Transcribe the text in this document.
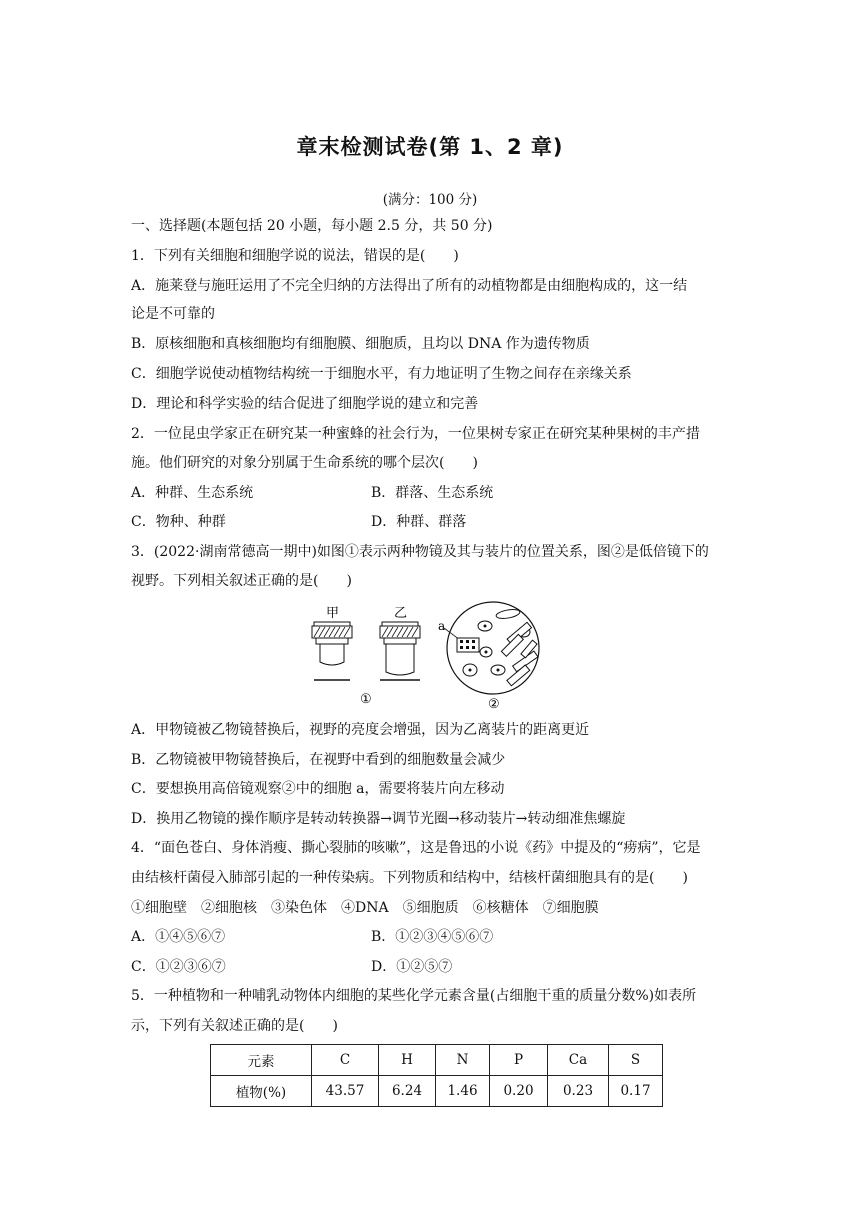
章末检测试卷(第 1、2 章)
(满分：100 分)
一、选择题(本题包括 20 小题，每小题 2.5 分，共 50 分)
1．下列有关细胞和细胞学说的说法，错误的是(　　)
A．施莱登与施旺运用了不完全归纳的方法得出了所有的动植物都是由细胞构成的，这一结
论是不可靠的
B．原核细胞和真核细胞均有细胞膜、细胞质，且均以 DNA 作为遗传物质
C．细胞学说使动植物结构统一于细胞水平，有力地证明了生物之间存在亲缘关系
D．理论和科学实验的结合促进了细胞学说的建立和完善
2．一位昆虫学家正在研究某一种蜜蜂的社会行为，一位果树专家正在研究某种果树的丰产措
施。他们研究的对象分别属于生命系统的哪个层次(　　)
A．种群、生态系统	B．群落、生态系统
C．物种、种群	D．种群、群落
3．(2022·湖南常德高一期中)如图①表示两种物镜及其与装片的位置关系，图②是低倍镜下的
视野。下列相关叙述正确的是(　　)
甲	乙
①
a
②
A．甲物镜被乙物镜替换后，视野的亮度会增强，因为乙离装片的距离更近
B．乙物镜被甲物镜替换后，在视野中看到的细胞数量会减少
C．要想换用高倍镜观察②中的细胞 a，需要将装片向左移动
D．换用乙物镜的操作顺序是转动转换器→调节光圈→移动装片→转动细准焦螺旋
4．“面色苍白、身体消瘦、撕心裂肺的咳嗽”，这是鲁迅的小说《药》中提及的“痨病”，它是
由结核杆菌侵入肺部引起的一种传染病。下列物质和结构中，结核杆菌细胞具有的是(　　)
①细胞壁　②细胞核　③染色体　④DNA　⑤细胞质　⑥核糖体　⑦细胞膜
A．①④⑤⑥⑦	B．①②③④⑤⑥⑦
C．①②③⑥⑦	D．①②⑤⑦
5．一种植物和一种哺乳动物体内细胞的某些化学元素含量(占细胞干重的质量分数%)如表所
示，下列有关叙述正确的是(　　)
元素	C	H	N	P	Ca	S
植物(%)	43.57	6.24	1.46	0.20	0.23	0.17
